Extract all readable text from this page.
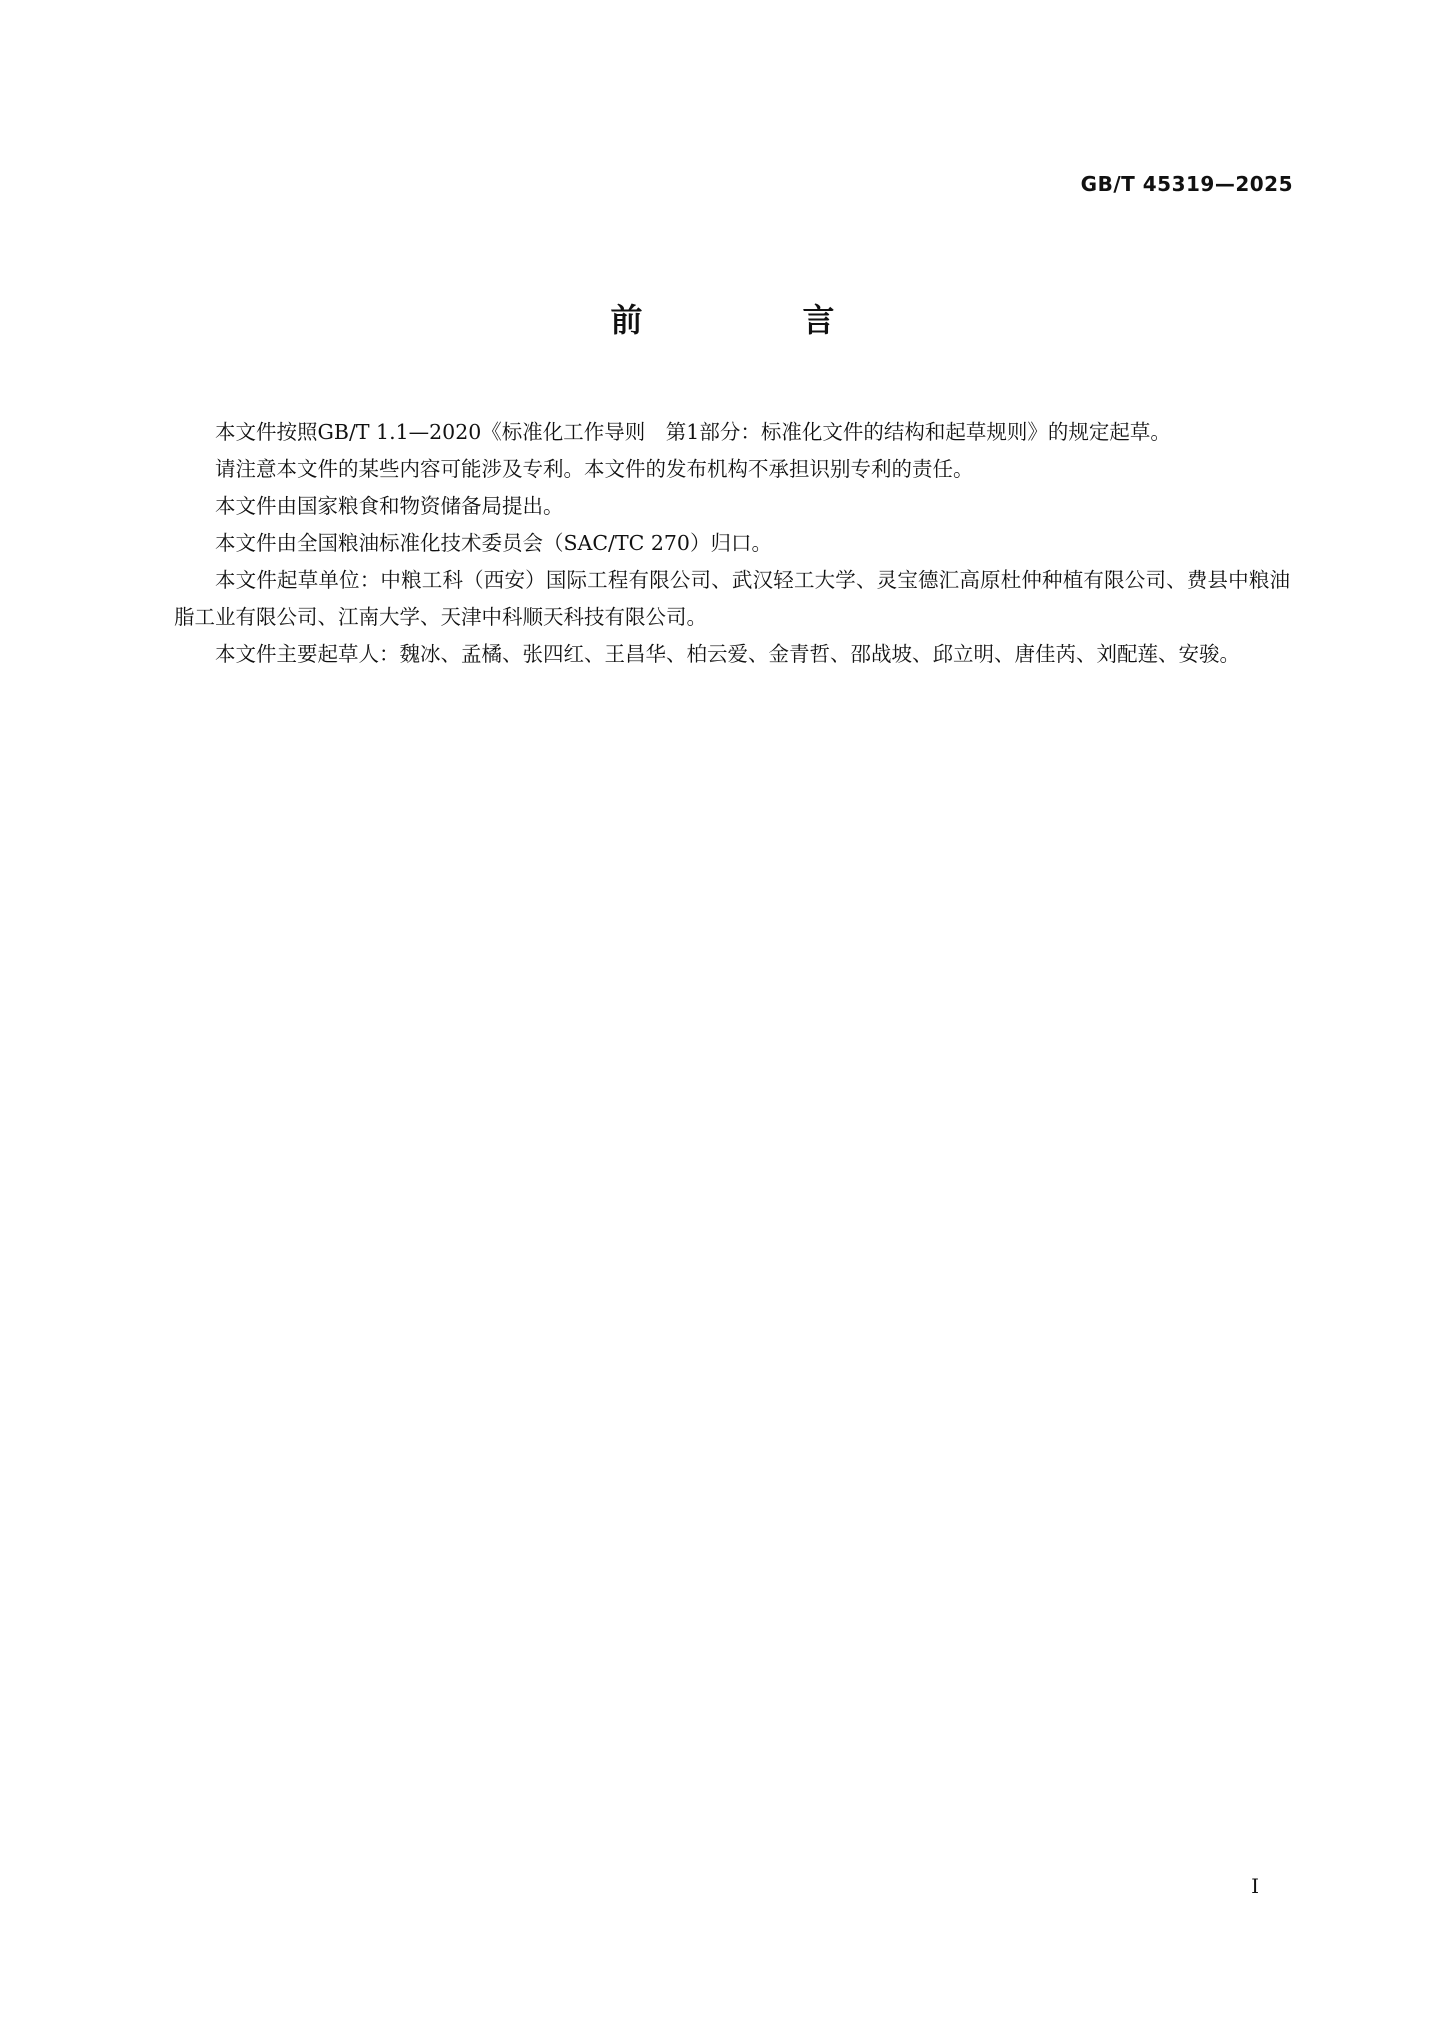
GB/T 45319—2025
前　言

本文件按照GB/T 1.1—2020《标准化工作导则　第1部分：标准化文件的结构和起草规则》的规定起草。

请注意本文件的某些内容可能涉及专利。本文件的发布机构不承担识别专利的责任。

本文件由国家粮食和物资储备局提出。

本文件由全国粮油标准化技术委员会（SAC/TC 270）归口。

本文件起草单位：中粮工科（西安）国际工程有限公司、武汉轻工大学、灵宝德汇高原杜仲种植有限公司、费县中粮油脂工业有限公司、江南大学、天津中科顺天科技有限公司。

本文件主要起草人：魏冰、孟橘、张四红、王昌华、柏云爱、金青哲、邵战坡、邱立明、唐佳芮、刘配莲、安骏。

I
